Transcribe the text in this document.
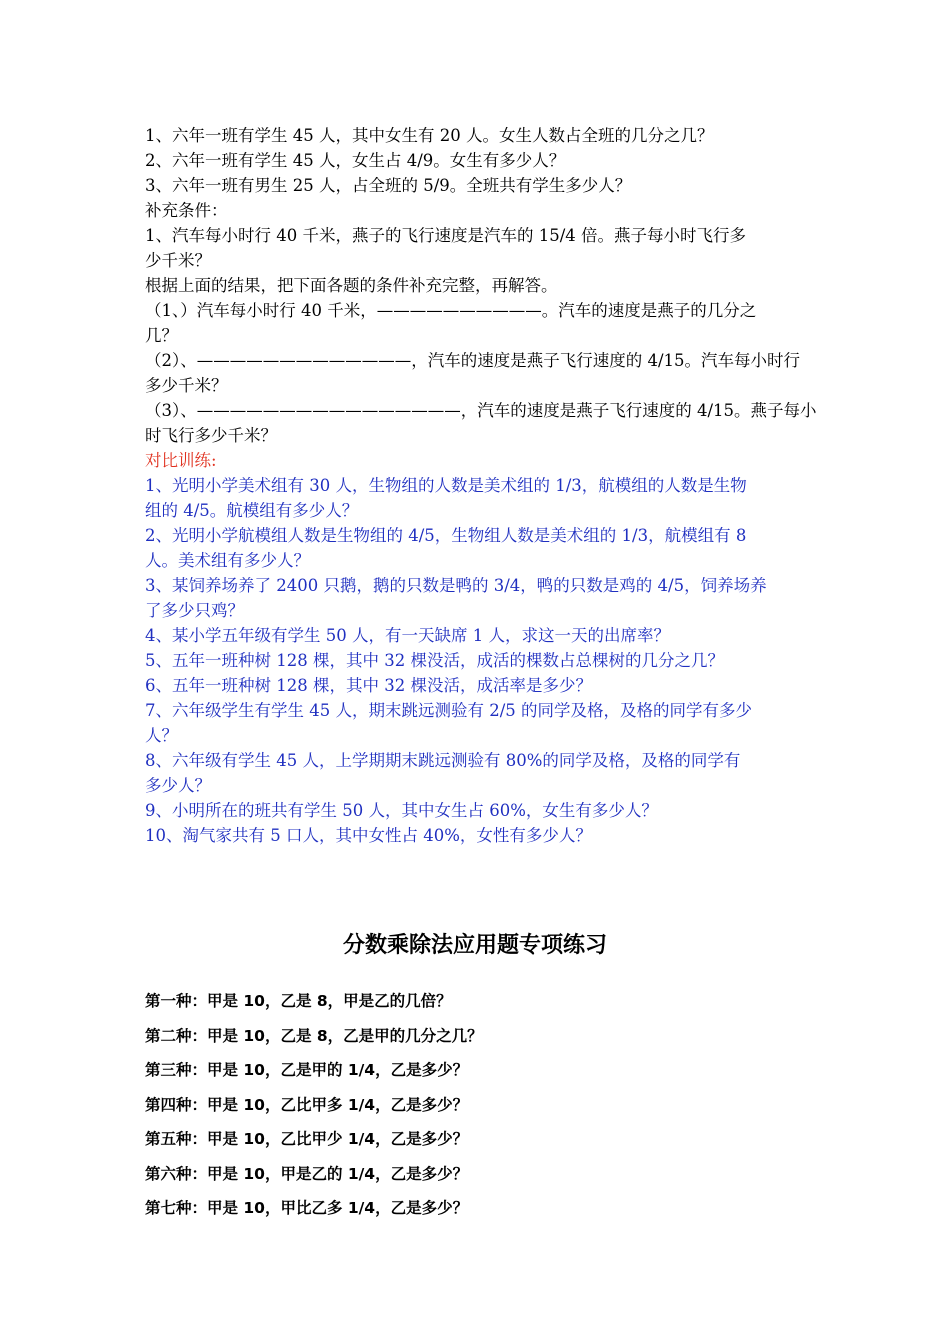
1、六年一班有学生 45 人，其中女生有 20 人。女生人数占全班的几分之几？

2、六年一班有学生 45 人，女生占 4/9。女生有多少人？

3、六年一班有男生 25 人，占全班的 5/9。全班共有学生多少人？

补充条件：

1、汽车每小时行 40 千米，燕子的飞行速度是汽车的 15/4 倍。燕子每小时飞行多

少千米？

根据上面的结果，把下面各题的条件补充完整，再解答。

（1、）汽车每小时行 40 千米，——————————。汽车的速度是燕子的几分之

几？

（2）、—————————————，汽车的速度是燕子飞行速度的 4/15。汽车每小时行

多少千米？

（3）、————————————————，汽车的速度是燕子飞行速度的 4/15。燕子每小

时飞行多少千米？

对比训练:

1、光明小学美术组有 30 人，生物组的人数是美术组的 1/3，航模组的人数是生物

组的 4/5。航模组有多少人？

2、光明小学航模组人数是生物组的 4/5，生物组人数是美术组的 1/3，航模组有 8

人。美术组有多少人？

3、某饲养场养了 2400 只鹅，鹅的只数是鸭的 3/4，鸭的只数是鸡的 4/5，饲养场养

了多少只鸡？

4、某小学五年级有学生 50 人，有一天缺席 1 人，求这一天的出席率？

5、五年一班种树 128 棵，其中 32 棵没活，成活的棵数占总棵树的几分之几？

6、五年一班种树 128 棵，其中 32 棵没活，成活率是多少？

7、六年级学生有学生 45 人，期末跳远测验有 2/5 的同学及格，及格的同学有多少

人？

8、六年级有学生 45 人，上学期期末跳远测验有 80%的同学及格，及格的同学有

多少人？

9、小明所在的班共有学生 50 人，其中女生占 60%，女生有多少人？

10、淘气家共有 5 口人，其中女性占 40%，女性有多少人？

分数乘除法应用题专项练习

第一种：甲是 10，乙是 8，甲是乙的几倍？

第二种：甲是 10，乙是 8，乙是甲的几分之几？

第三种：甲是 10，乙是甲的 1/4，乙是多少？

第四种：甲是 10，乙比甲多 1/4，乙是多少？

第五种：甲是 10，乙比甲少 1/4，乙是多少？

第六种：甲是 10，甲是乙的 1/4，乙是多少？

第七种：甲是 10，甲比乙多 1/4，乙是多少？
